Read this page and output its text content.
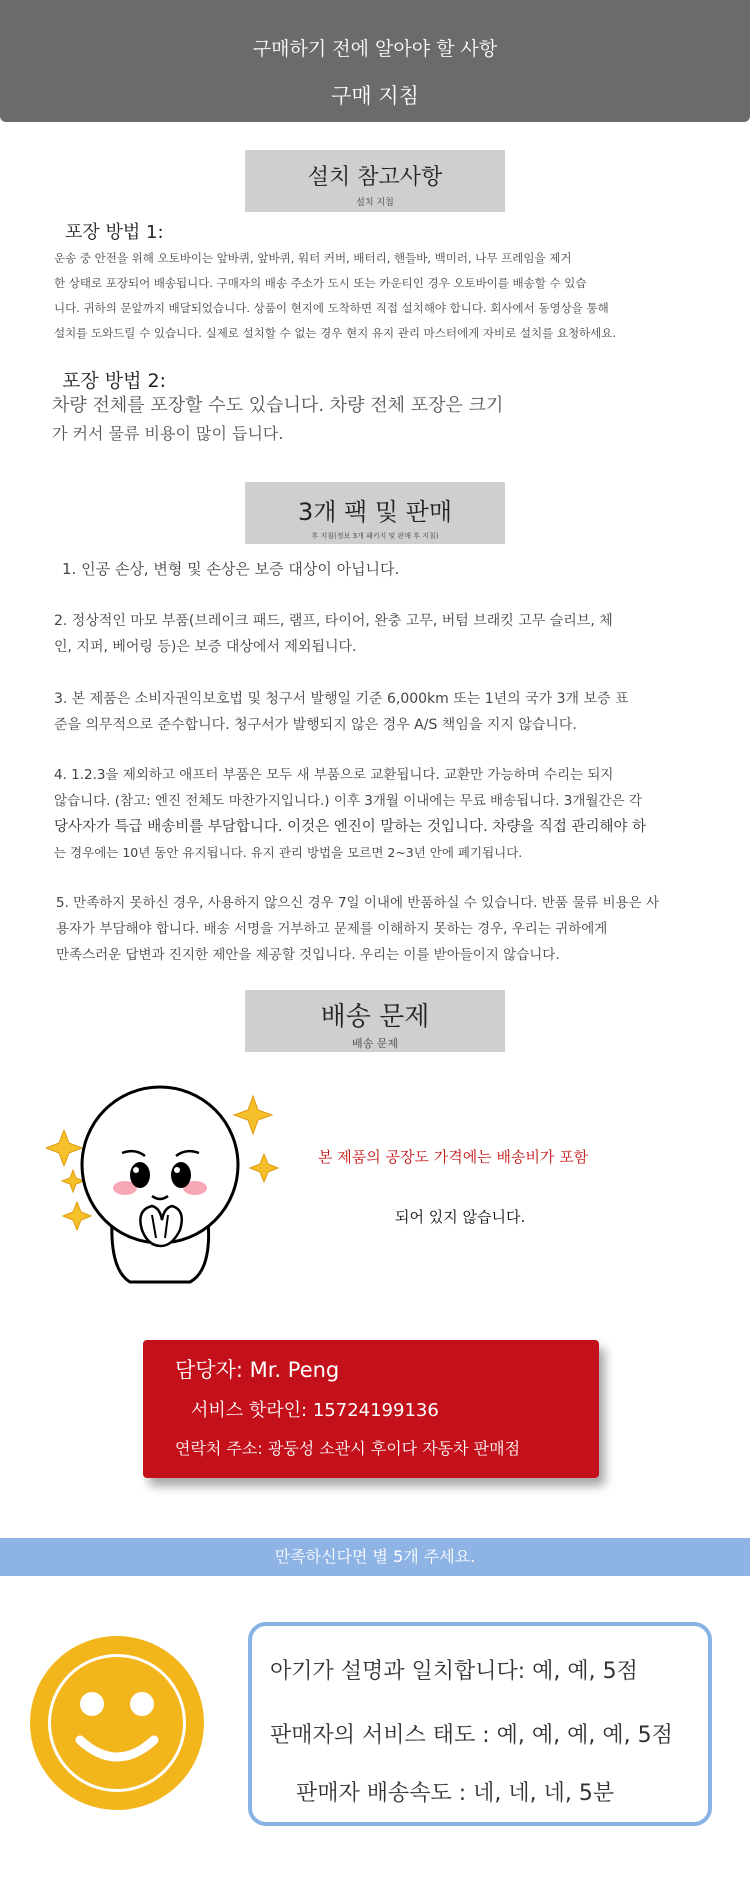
구매하기 전에 알아야 할 사항
구매 지침
설치 참고사항
설치 지침
포장 방법 1:
운송 중 안전을 위해 오토바이는 앞바퀴, 앞바퀴, 워터 커버, 배터리, 핸들바, 백미러, 나무 프레임을 제거
한 상태로 포장되어 배송됩니다. 구매자의 배송 주소가 도시 또는 카운티인 경우 오토바이를 배송할 수 있습
니다. 귀하의 문앞까지 배달되었습니다. 상품이 현지에 도착하면 직접 설치해야 합니다. 회사에서 동영상을 통해
설치를 도와드릴 수 있습니다. 실제로 설치할 수 없는 경우 현지 유지 관리 마스터에게 자비로 설치를 요청하세요.
포장 방법 2:
차량 전체를 포장할 수도 있습니다. 차량 전체 포장은 크기
가 커서 물류 비용이 많이 듭니다.
3개 팩 및 판매
후 지침(정보 3개 패키지 및 판매 후 지침)
1. 인공 손상, 변형 및 손상은 보증 대상이 아닙니다.
2. 정상적인 마모 부품(브레이크 패드, 램프, 타이어, 완충 고무, 버텀 브래킷 고무 슬리브, 체
인, 지퍼, 베어링 등)은 보증 대상에서 제외됩니다.
3. 본 제품은 소비자권익보호법 및 청구서 발행일 기준 6,000km 또는 1년의 국가 3개 보증 표
준을 의무적으로 준수합니다. 청구서가 발행되지 않은 경우 A/S 책임을 지지 않습니다.
4. 1.2.3을 제외하고 애프터 부품은 모두 새 부품으로 교환됩니다. 교환만 가능하며 수리는 되지
않습니다. (참고: 엔진 전체도 마찬가지입니다.) 이후 3개월 이내에는 무료 배송됩니다. 3개월간은 각
당사자가 특급 배송비를 부담합니다. 이것은 엔진이 말하는 것입니다. 차량을 직접 관리해야 하
는 경우에는 10년 동안 유지됩니다. 유지 관리 방법을 모르면 2~3년 안에 폐기됩니다.
5. 만족하지 못하신 경우, 사용하지 않으신 경우 7일 이내에 반품하실 수 있습니다. 반품 물류 비용은 사
용자가 부담해야 합니다. 배송 서명을 거부하고 문제를 이해하지 못하는 경우, 우리는 귀하에게
만족스러운 답변과 진지한 제안을 제공할 것입니다. 우리는 이를 받아들이지 않습니다.
배송 문제
배송 문제
본 제품의 공장도 가격에는 배송비가 포함
되어 있지 않습니다.
담당자: Mr. Peng
서비스 핫라인: 15724199136
연락처 주소: 광둥성 소관시 후이다 자동차 판매점
만족하신다면 별 5개 주세요.
아기가 설명과 일치합니다: 예, 예, 5점
판매자의 서비스 태도 : 예, 예, 예, 예, 5점
판매자 배송속도 : 네, 네, 네, 5분
